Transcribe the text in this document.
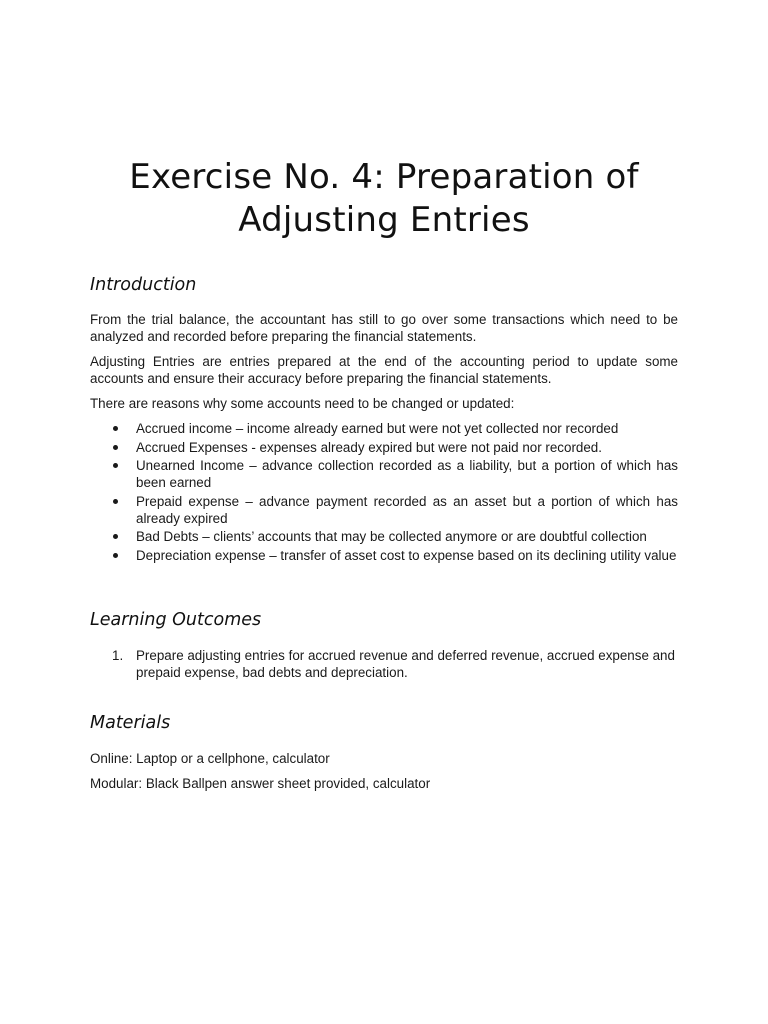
Exercise No. 4: Preparation of Adjusting Entries
Introduction

From the trial balance, the accountant has still to go over some transactions which need to be analyzed and recorded before preparing the financial statements.

Adjusting Entries are entries prepared at the end of the accounting period to update some accounts and ensure their accuracy before preparing the financial statements.

There are reasons why some accounts need to be changed or updated:

Accrued income – income already earned but were not yet collected nor recorded
Accrued Expenses - expenses already expired but were not paid nor recorded.
Unearned Income – advance collection recorded as a liability, but a portion of which has been earned
Prepaid expense – advance payment recorded as an asset but a portion of which has already expired
Bad Debts – clients’ accounts that may be collected anymore or are doubtful collection
Depreciation expense – transfer of asset cost to expense based on its declining utility value
Learning Outcomes
1. Prepare adjusting entries for accrued revenue and deferred revenue, accrued expense and prepaid expense, bad debts and depreciation.
Materials

Online: Laptop or a cellphone, calculator

Modular: Black Ballpen answer sheet provided, calculator
